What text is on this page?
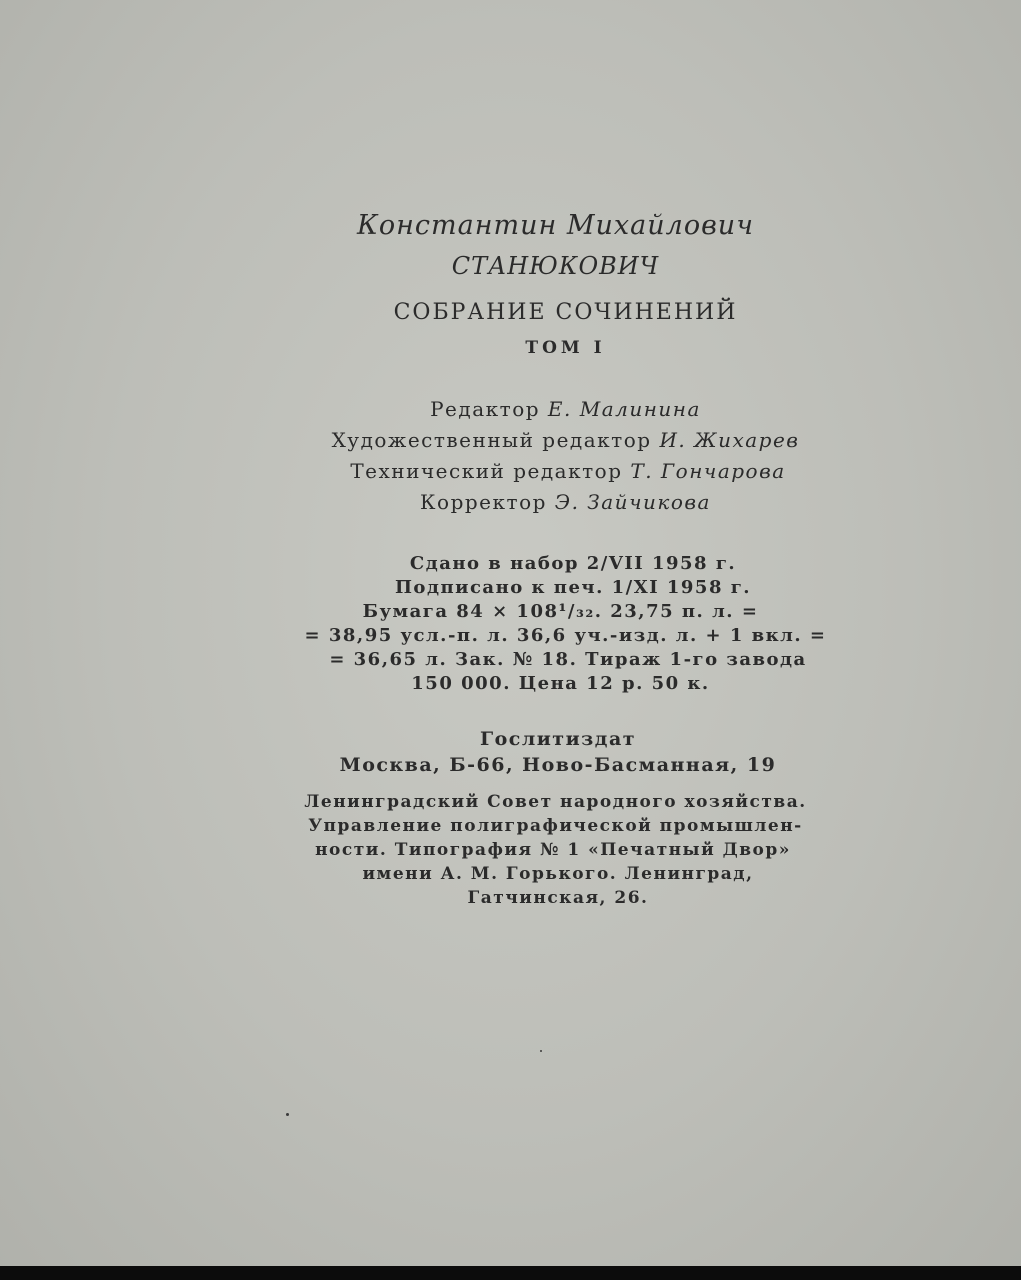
Константин Михайлович
СТАНЮКОВИЧ
СОБРАНИЕ СОЧИНЕНИЙ
ТОМ I
Редактор Е. Малинина
Художественный редактор И. Жихарев
Технический редактор Т. Гончарова
Корректор Э. Зайчикова
Сдано в набор 2/VII 1958 г.
Подписано к печ. 1/XI 1958 г.
Бумага 84 × 108¹/₃₂. 23,75 п. л. =
= 38,95 усл.-п. л. 36,6 уч.-изд. л. + 1 вкл. =
= 36,65 л. Зак. № 18. Тираж 1-го завода
150 000. Цена 12 р. 50 к.
Гослитиздат
Москва, Б-66, Ново-Басманная, 19
Ленинградский Совет народного хозяйства.
Управление полиграфической промышлен-
ности. Типография № 1 «Печатный Двор»
имени А. М. Горького. Ленинград,
Гатчинская, 26.
